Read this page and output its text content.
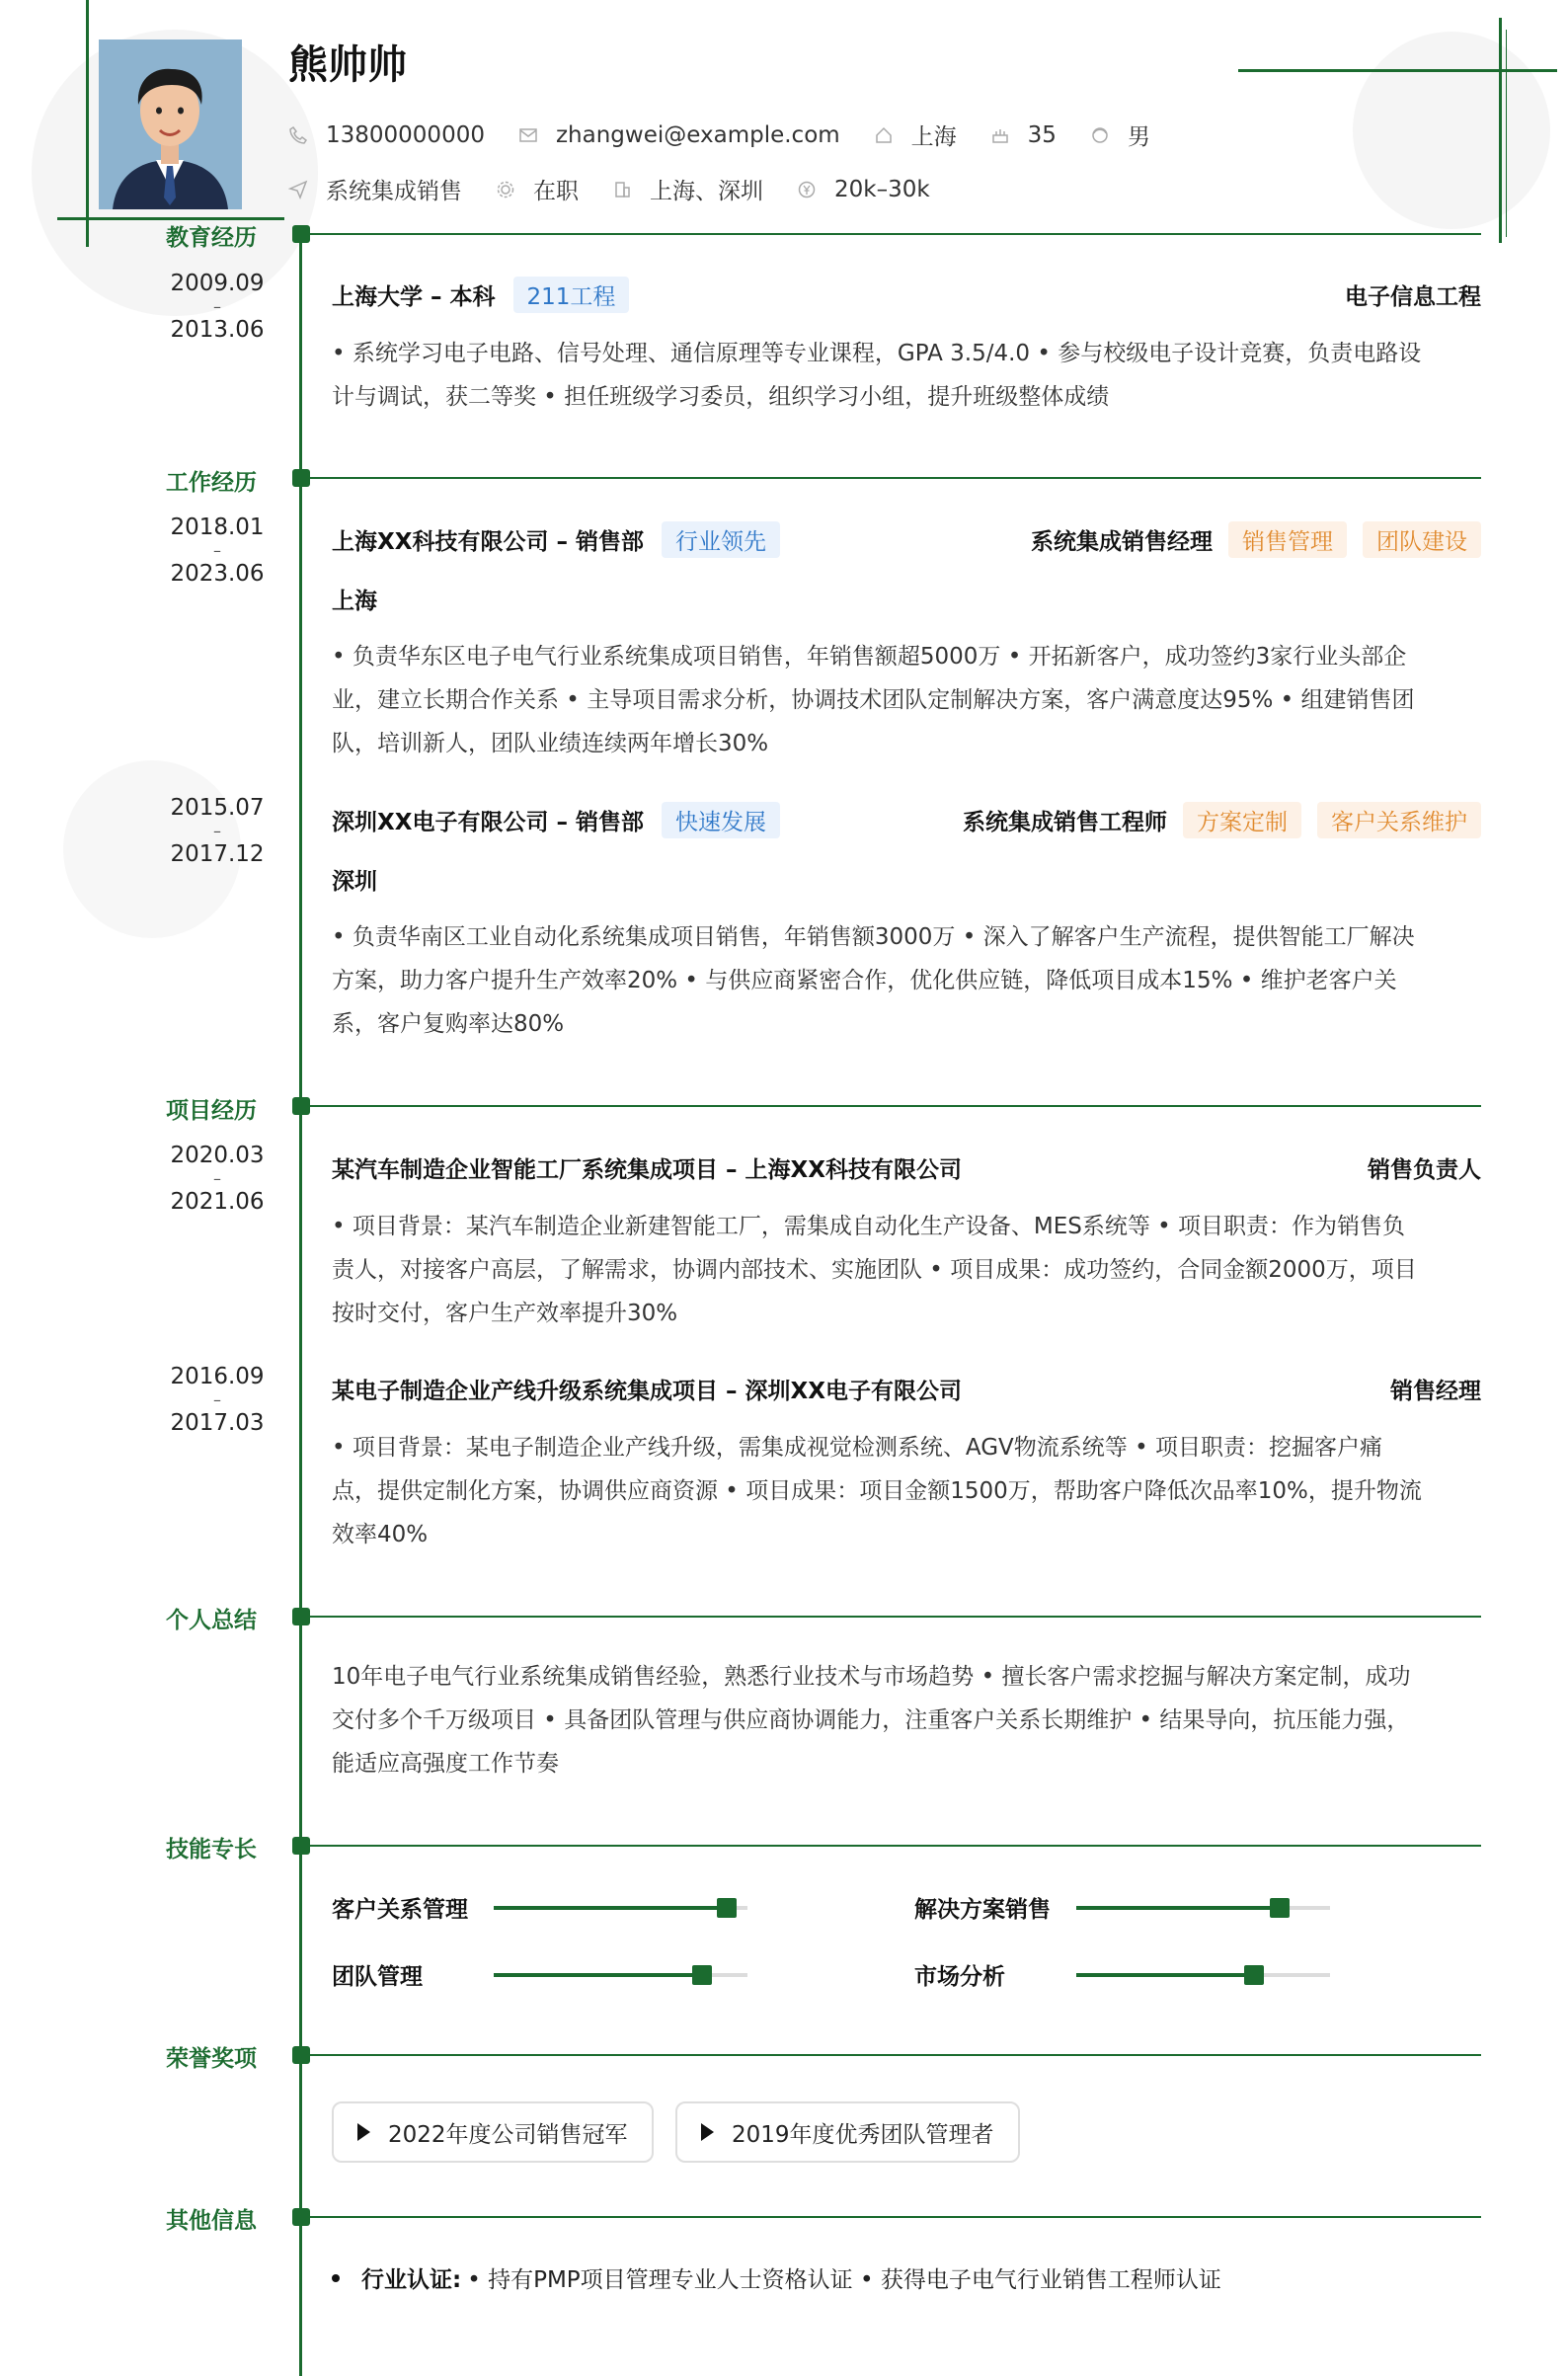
熊帅帅
13800000000	zhangwei@example.com	上海	35	男
系统集成销售	在职	上海、深圳	20k–30k
教育经历
2009.09
–
2013.06
上海大学 – 本科	211工程	电子信息工程
• 系统学习电子电路、信号处理、通信原理等专业课程，GPA 3.5/4.0 • 参与校级电子设计竞赛，负责电路设
计与调试，获二等奖 • 担任班级学习委员，组织学习小组，提升班级整体成绩
工作经历
2018.01
–
2023.06
上海XX科技有限公司 – 销售部	行业领先	系统集成销售经理	销售管理	团队建设
上海
• 负责华东区电子电气行业系统集成项目销售，年销售额超5000万 • 开拓新客户，成功签约3家行业头部企
业，建立长期合作关系 • 主导项目需求分析，协调技术团队定制解决方案，客户满意度达95% • 组建销售团
队，培训新人，团队业绩连续两年增长30%
2015.07
–
2017.12
深圳XX电子有限公司 – 销售部	快速发展	系统集成销售工程师	方案定制	客户关系维护
深圳
• 负责华南区工业自动化系统集成项目销售，年销售额3000万 • 深入了解客户生产流程，提供智能工厂解决
方案，助力客户提升生产效率20% • 与供应商紧密合作，优化供应链，降低项目成本15% • 维护老客户关
系，客户复购率达80%
项目经历
2020.03
–
2021.06
某汽车制造企业智能工厂系统集成项目 – 上海XX科技有限公司	销售负责人
• 项目背景：某汽车制造企业新建智能工厂，需集成自动化生产设备、MES系统等 • 项目职责：作为销售负
责人，对接客户高层，了解需求，协调内部技术、实施团队 • 项目成果：成功签约，合同金额2000万，项目
按时交付，客户生产效率提升30%
2016.09
–
2017.03
某电子制造企业产线升级系统集成项目 – 深圳XX电子有限公司	销售经理
• 项目背景：某电子制造企业产线升级，需集成视觉检测系统、AGV物流系统等 • 项目职责：挖掘客户痛
点，提供定制化方案，协调供应商资源 • 项目成果：项目金额1500万，帮助客户降低次品率10%，提升物流
效率40%
个人总结
10年电子电气行业系统集成销售经验，熟悉行业技术与市场趋势 • 擅长客户需求挖掘与解决方案定制，成功
交付多个千万级项目 • 具备团队管理与供应商协调能力，注重客户关系长期维护 • 结果导向，抗压能力强，
能适应高强度工作节奏
技能专长
客户关系管理	解决方案销售
团队管理	市场分析
荣誉奖项
2022年度公司销售冠军	2019年度优秀团队管理者
其他信息
行业认证: • 持有PMP项目管理专业人士资格认证 • 获得电子电气行业销售工程师认证
